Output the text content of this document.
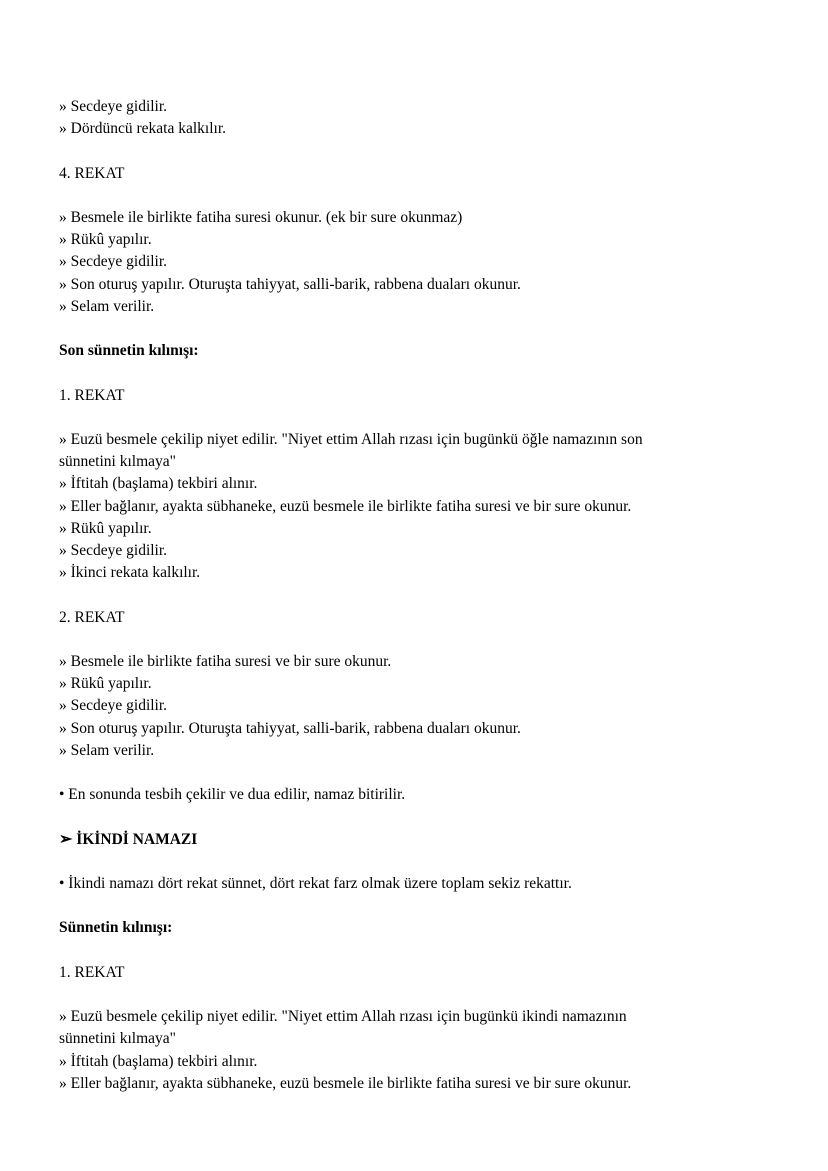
» Secdeye gidilir.

» Dördüncü rekata kalkılır.

4. REKAT

» Besmele ile birlikte fatiha suresi okunur. (ek bir sure okunmaz)

» Rükû yapılır.

» Secdeye gidilir.

» Son oturuş yapılır. Oturuşta tahiyyat, salli-barik, rabbena duaları okunur.

» Selam verilir.

Son sünnetin kılınışı:

1. REKAT

» Euzü besmele çekilip niyet edilir. "Niyet ettim Allah rızası için bugünkü öğle namazının son

sünnetini kılmaya"

» İftitah (başlama) tekbiri alınır.

» Eller bağlanır, ayakta sübhaneke, euzü besmele ile birlikte fatiha suresi ve bir sure okunur.

» Rükû yapılır.

» Secdeye gidilir.

» İkinci rekata kalkılır.

2. REKAT

» Besmele ile birlikte fatiha suresi ve bir sure okunur.

» Rükû yapılır.

» Secdeye gidilir.

» Son oturuş yapılır. Oturuşta tahiyyat, salli-barik, rabbena duaları okunur.

» Selam verilir.

• En sonunda tesbih çekilir ve dua edilir, namaz bitirilir.

➢ İKİNDİ NAMAZI

• İkindi namazı dört rekat sünnet, dört rekat farz olmak üzere toplam sekiz rekattır.

Sünnetin kılınışı:

1. REKAT

» Euzü besmele çekilip niyet edilir. "Niyet ettim Allah rızası için bugünkü ikindi namazının

sünnetini kılmaya"

» İftitah (başlama) tekbiri alınır.

» Eller bağlanır, ayakta sübhaneke, euzü besmele ile birlikte fatiha suresi ve bir sure okunur.
